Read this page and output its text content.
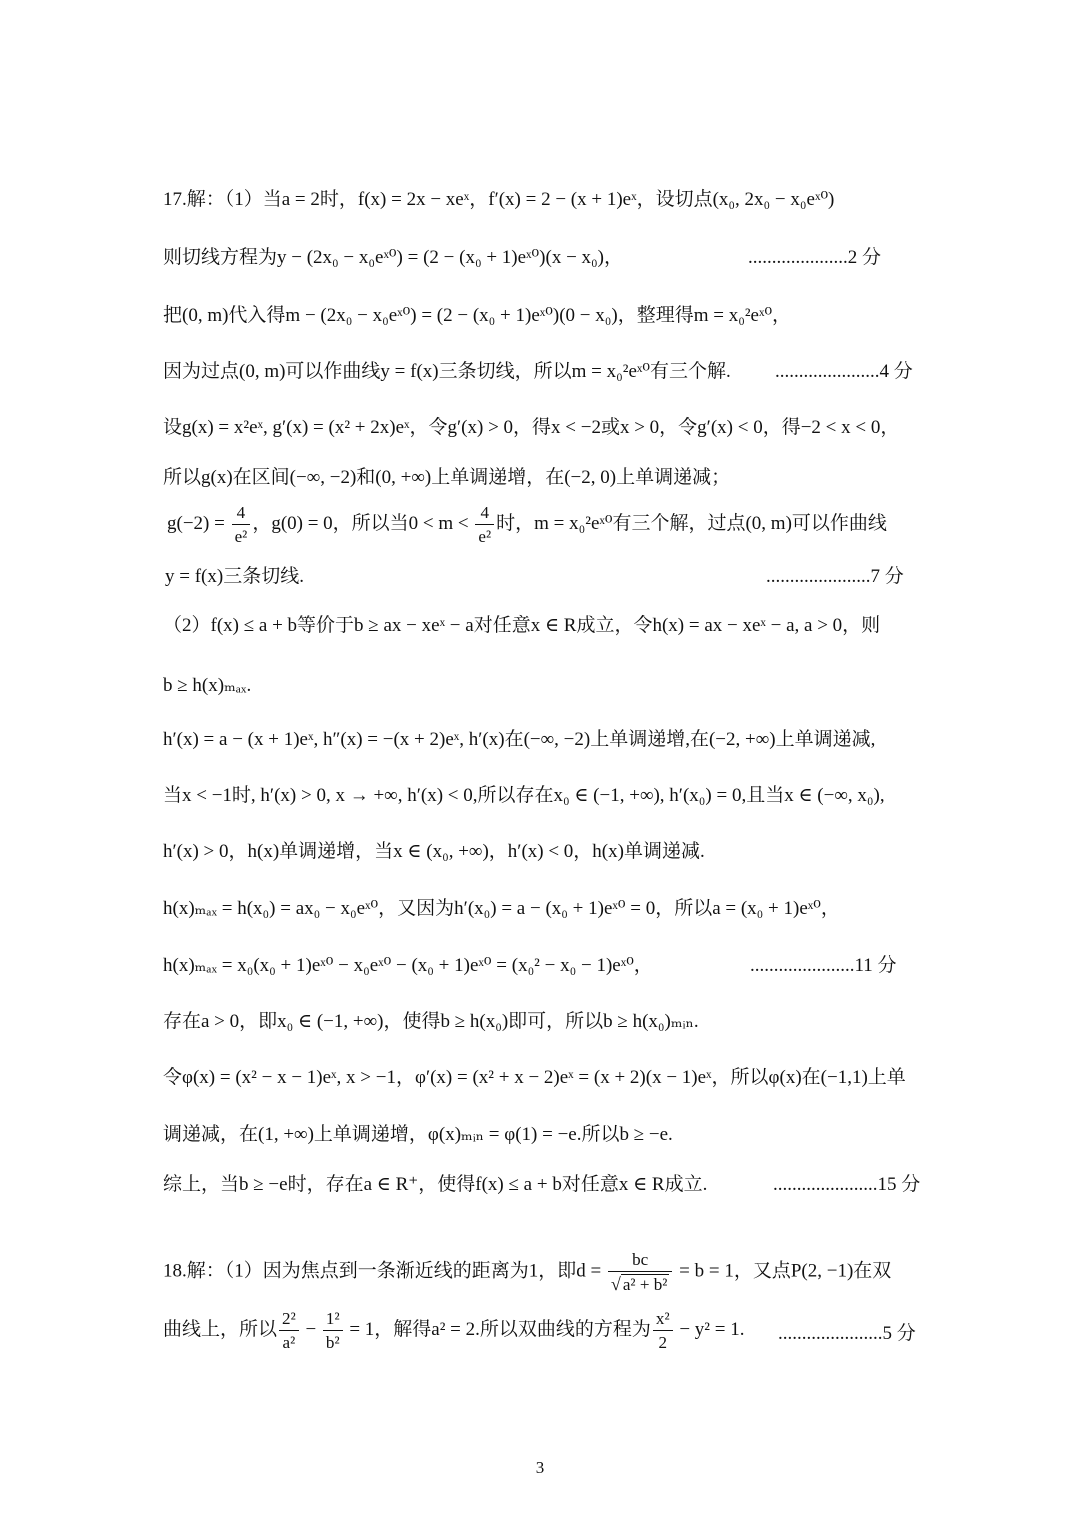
17.解：（1）当a = 2时，f(x) = 2x − xeˣ，f′(x) = 2 − (x + 1)eˣ，设切点(x₀, 2x₀ − x₀eˣ⁰)
则切线方程为y − (2x₀ − x₀eˣ⁰) = (2 − (x₀ + 1)eˣ⁰)(x − x₀)，	.....................2 分
把(0, m)代入得m − (2x₀ − x₀eˣ⁰) = (2 − (x₀ + 1)eˣ⁰)(0 − x₀)，整理得m = x₀²eˣ⁰，
因为过点(0, m)可以作曲线y = f(x)三条切线，所以m = x₀²eˣ⁰有三个解.	......................4 分
设g(x) = x²eˣ, g′(x) = (x² + 2x)eˣ，令g′(x) > 0，得x < −2或x > 0，令g′(x) < 0，得−2 < x < 0，
所以g(x)在区间(−∞, −2)和(0, +∞)上单调递增，在(−2, 0)上单调递减；
$g(-2) = \frac{4}{\text{e²}}$ ，g(0) = 0，所以当$0 < m < \frac{4}{\text{e²}}$ 时，m = x₀²eˣ⁰有三个解，过点(0, m)可以作曲线
y = f(x)三条切线.	......................7 分
（2）f(x) ≤ a + b等价于b ≥ ax − xeˣ − a对任意x ∈ R成立，令h(x) = ax − xeˣ − a, a > 0，则
b ≥ h(x)ₘₐₓ.
h′(x) = a − (x + 1)eˣ, h″(x) = −(x + 2)eˣ, h′(x)在(−∞, −2)上单调递增,在(−2, +∞)上单调递减,
当x < −1时, h′(x) > 0, x → +∞, h′(x) < 0,所以存在x₀ ∈ (−1, +∞), h′(x₀) = 0,且当x ∈ (−∞, x₀),
h′(x) > 0，h(x)单调递增，当x ∈ (x₀, +∞)，h′(x) < 0，h(x)单调递减.
h(x)ₘₐₓ = h(x₀) = ax₀ − x₀eˣ⁰，又因为h′(x₀) = a − (x₀ + 1)eˣ⁰ = 0，所以a = (x₀ + 1)eˣ⁰，
h(x)ₘₐₓ = x₀(x₀ + 1)eˣ⁰ − x₀eˣ⁰ − (x₀ + 1)eˣ⁰ = (x₀² − x₀ − 1)eˣ⁰，	......................11 分
存在a > 0，即x₀ ∈ (−1, +∞)，使得b ≥ h(x₀)即可，所以b ≥ h(x₀)ₘᵢₙ.
令φ(x) = (x² − x − 1)eˣ, x > −1，φ′(x) = (x² + x − 2)eˣ = (x + 2)(x − 1)eˣ，所以φ(x)在(−1,1)上单
调递减，在(1, +∞)上单调递增，φ(x)ₘᵢₙ = φ(1) = −e.所以b ≥ −e.
综上，当b ≥ −e时，存在a ∈ R⁺，使得f(x) ≤ a + b对任意x ∈ R成立.	......................15 分
18.解：（1）因为焦点到一条渐近线的距离为1，即$d = \frac{bc}{\text{√ a² + b²}} = b = 1$，又点P(2, −1)在双
曲线上，所以 $\frac{\text{2²}}{\text{a²}} - \frac{\text{1²}}{\text{b²}} = 1$，解得a² = 2.所以双曲线的方程为 $\frac{\text{x²}}{2} - y^2 = 1$.	......................5 分
3
